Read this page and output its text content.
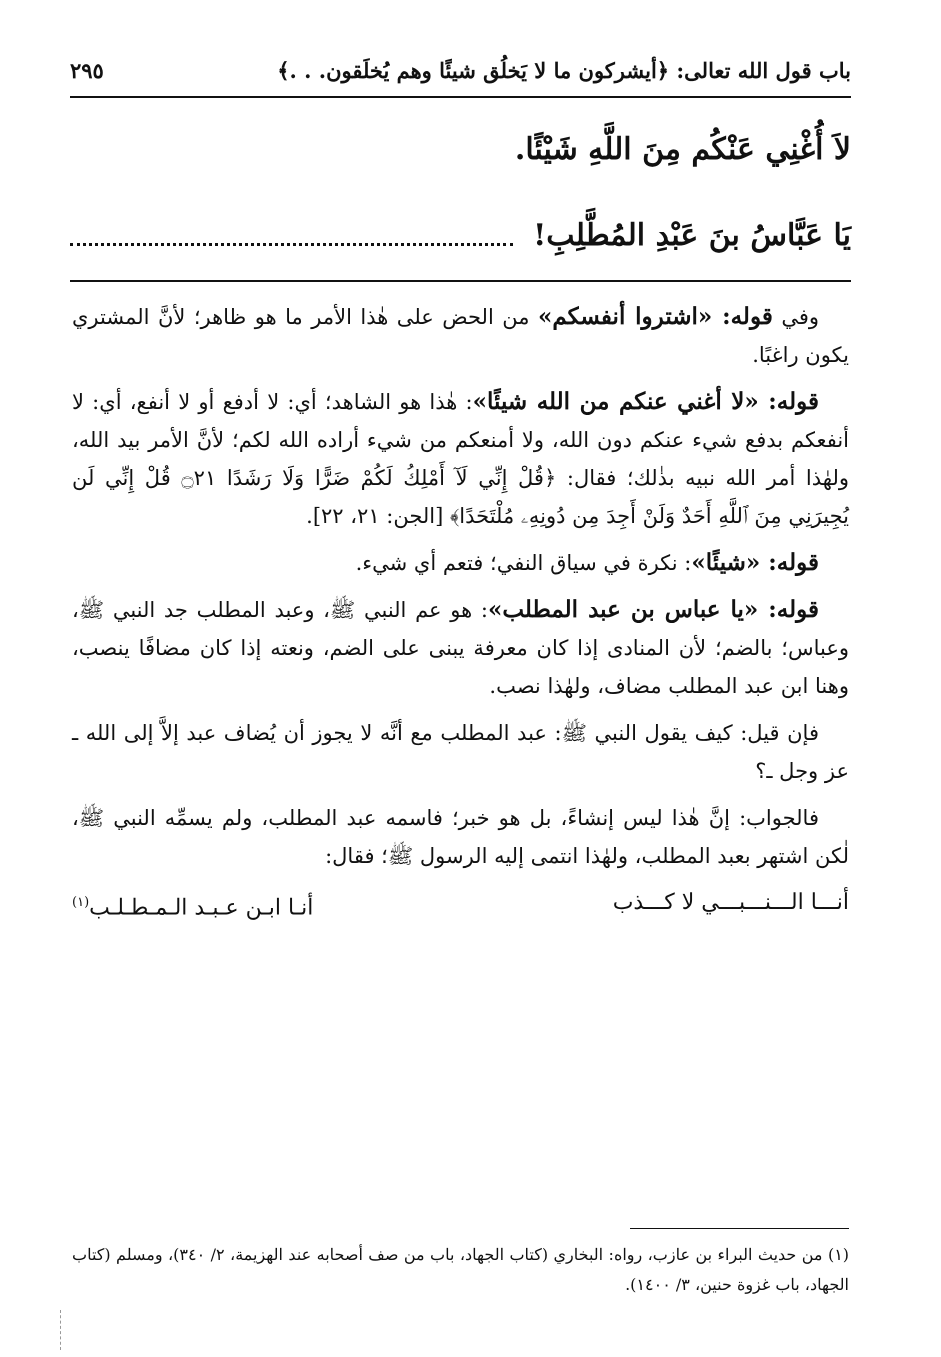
باب قول الله تعالى: ﴿أيشركون ما لا يَخلُق شيئًا وهم يُخلَقون. . .﴾
٢٩٥
لاَ أُغْنِي عَنْكُم مِنَ اللَّهِ شَيْئًا.
يَا عَبَّاسُ بنَ عَبْدِ المُطَّلِبِ!

وفي قوله: «اشتروا أنفسكم» من الحض على هٰذا الأمر ما هو ظاهر؛ لأنَّ المشتري يكون راغبًا.

قوله: «لا أغني عنكم من الله شيئًا»: هٰذا هو الشاهد؛ أي: لا أدفع أو لا أنفع، أي: لا أنفعكم بدفع شيء عنكم دون الله، ولا أمنعكم من شيء أراده الله لكم؛ لأنَّ الأمر بيد الله، ولهٰذا أمر الله نبيه بذٰلك؛ فقال: ﴿قُلْ إِنِّي لَآ أَمْلِكُ لَكُمْ ضَرًّا وَلَا رَشَدًا ۝٢١ قُلْ إِنِّي لَن يُجِيرَنِي مِنَ ٱللَّهِ أَحَدٌ وَلَنْ أَجِدَ مِن دُونِهِۦ مُلْتَحَدًا﴾ [الجن: ٢١، ٢٢].

قوله: «شيئًا»: نكرة في سياق النفي؛ فتعم أي شيء.

قوله: «يا عباس بن عبد المطلب»: هو عم النبي ﷺ، وعبد المطلب جد النبي ﷺ، وعباس؛ بالضم؛ لأن المنادى إذا كان معرفة يبنى على الضم، ونعته إذا كان مضافًا ينصب، وهنا ابن عبد المطلب مضاف، ولهٰذا نصب.

فإن قيل: كيف يقول النبي ﷺ: عبد المطلب مع أنَّه لا يجوز أن يُضاف عبد إلاَّ إلى الله ـ عز وجل ـ؟

فالجواب: إنَّ هٰذا ليس إنشاءً، بل هو خبر؛ فاسمه عبد المطلب، ولم يسمِّه النبي ﷺ، لٰكن اشتهر بعبد المطلب، ولهٰذا انتمى إليه الرسول ﷺ؛ فقال:

أنـــا الـــنـــبـــي لا كـــذب
أنـا ابـن عـبـد الـمـطـلـب$^{(١)}$
(١) من حديث البراء بن عازب، رواه: البخاري (كتاب الجهاد، باب من صف أصحابه عند الهزيمة، ٢/ ٣٤٠)، ومسلم (كتاب الجهاد، باب غزوة حنين، ٣/ ١٤٠٠).
